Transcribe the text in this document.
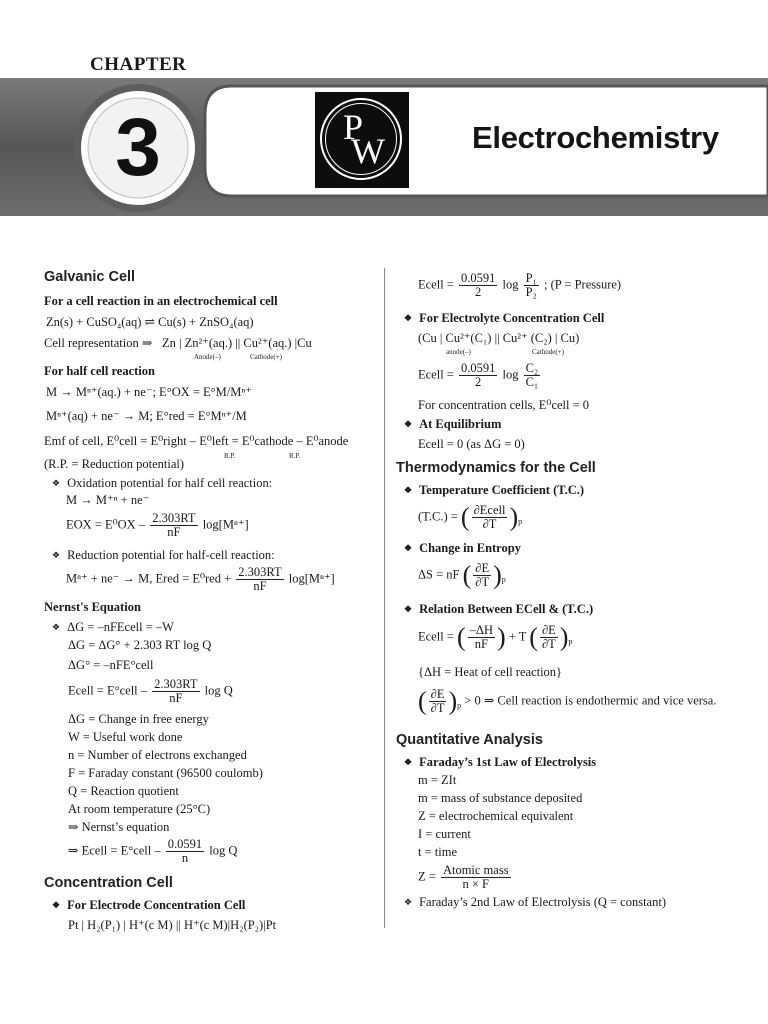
CHAPTER
3	P
W	Electrochemistry
Galvanic Cell
For a cell reaction in an electrochemical cell
Zn(s) + CuSO₄(aq) ⇌ Cu(s) + ZnSO₄(aq)
Cell representation ⇒ Zn | Zn²⁺(aq.) || Cu²⁺(aq.) |Cu
Anode(–)	Cathode(+)
For half cell reaction
M → Mⁿ⁺(aq.) + ne⁻; E°OX = E°M/Mⁿ⁺
Mⁿ⁺(aq) + ne⁻ → M; E°red = E°Mⁿ⁺/M
Emf of cell, E⁰cell = E⁰right – E⁰left = E⁰cathode – E⁰anode
R.P.	R.P.
(R.P. = Reduction potential)
❖ Oxidation potential for half cell reaction:
M → M⁺ⁿ + ne⁻
EOX = $E^0OX - \frac{2.303RT}{nF} \log[M^{n+}]$
❖ Reduction potential for half-cell reaction:
Mⁿ⁺ + ne⁻ → M, Ered = $E^0red + \frac{2.303RT}{nF} \log[M^{n+}]$
Nernst's Equation
❖ ΔG = –nFEcell = –W
ΔG = ΔG° + 2.303 RT log Q
ΔG° = –nFE°cell
Ecell = E°cell – $\frac{2.303RT}{nF}$ log Q
ΔG = Change in free energy
W = Useful work done
n = Number of electrons exchanged
F = Faraday constant (96500 coulomb)
Q = Reaction quotient
At room temperature (25°C)
⇒ Nernst’s equation
⇒ Ecell = E°cell – $\frac{0.0591}{n}$ log Q
Concentration Cell
❖ For Electrode Concentration Cell
Pt | H₂(P₁) | H⁺(c M) || H⁺(c M)|H₂(P₂)|Pt
Ecell = $\frac{0.0591}{2}$ $\log \frac{\text{P₁}}{\text{P₂}}$ ; (P = Pressure)
❖ For Electrolyte Concentration Cell
(Cu | Cu²⁺(C₁) || Cu²⁺ (C₂) | Cu)
anode(–)	Cathode(+)
Ecell = $\frac{0.0591}{2}$ $\log \frac{\text{C₂}}{\text{C₁}}$
For concentration cells, E⁰cell = 0
❖ At Equilibrium
Ecell = 0 (as ΔG = 0)
Thermodynamics for the Cell
❖ Temperature Coefficient (T.C.)
(T.C.) = ( $\frac{\text{∂Ecell}}{\partial T} )_p$
❖ Change in Entropy
ΔS = nF ( $\frac{\partial E}{\partial T} )_p$
❖ Relation Between ECell & (T.C.)
Ecell = ( $\frac{-\Delta H}{nF}$ ) + T ( $\frac{\partial E}{\partial T} )_p$
{ΔH = Heat of cell reaction}
( $\frac{\partial E}{\partial T} )_p > 0$ ⇒ Cell reaction is endothermic and vice versa.
Quantitative Analysis
❖ Faraday’s 1st Law of Electrolysis
m = ZIt
m = mass of substance deposited
Z = electrochemical equivalent
I = current
t = time
$Z = \frac{\text{Atomic mass}}{n \times F}$
❖ Faraday’s 2nd Law of Electrolysis (Q = constant)
